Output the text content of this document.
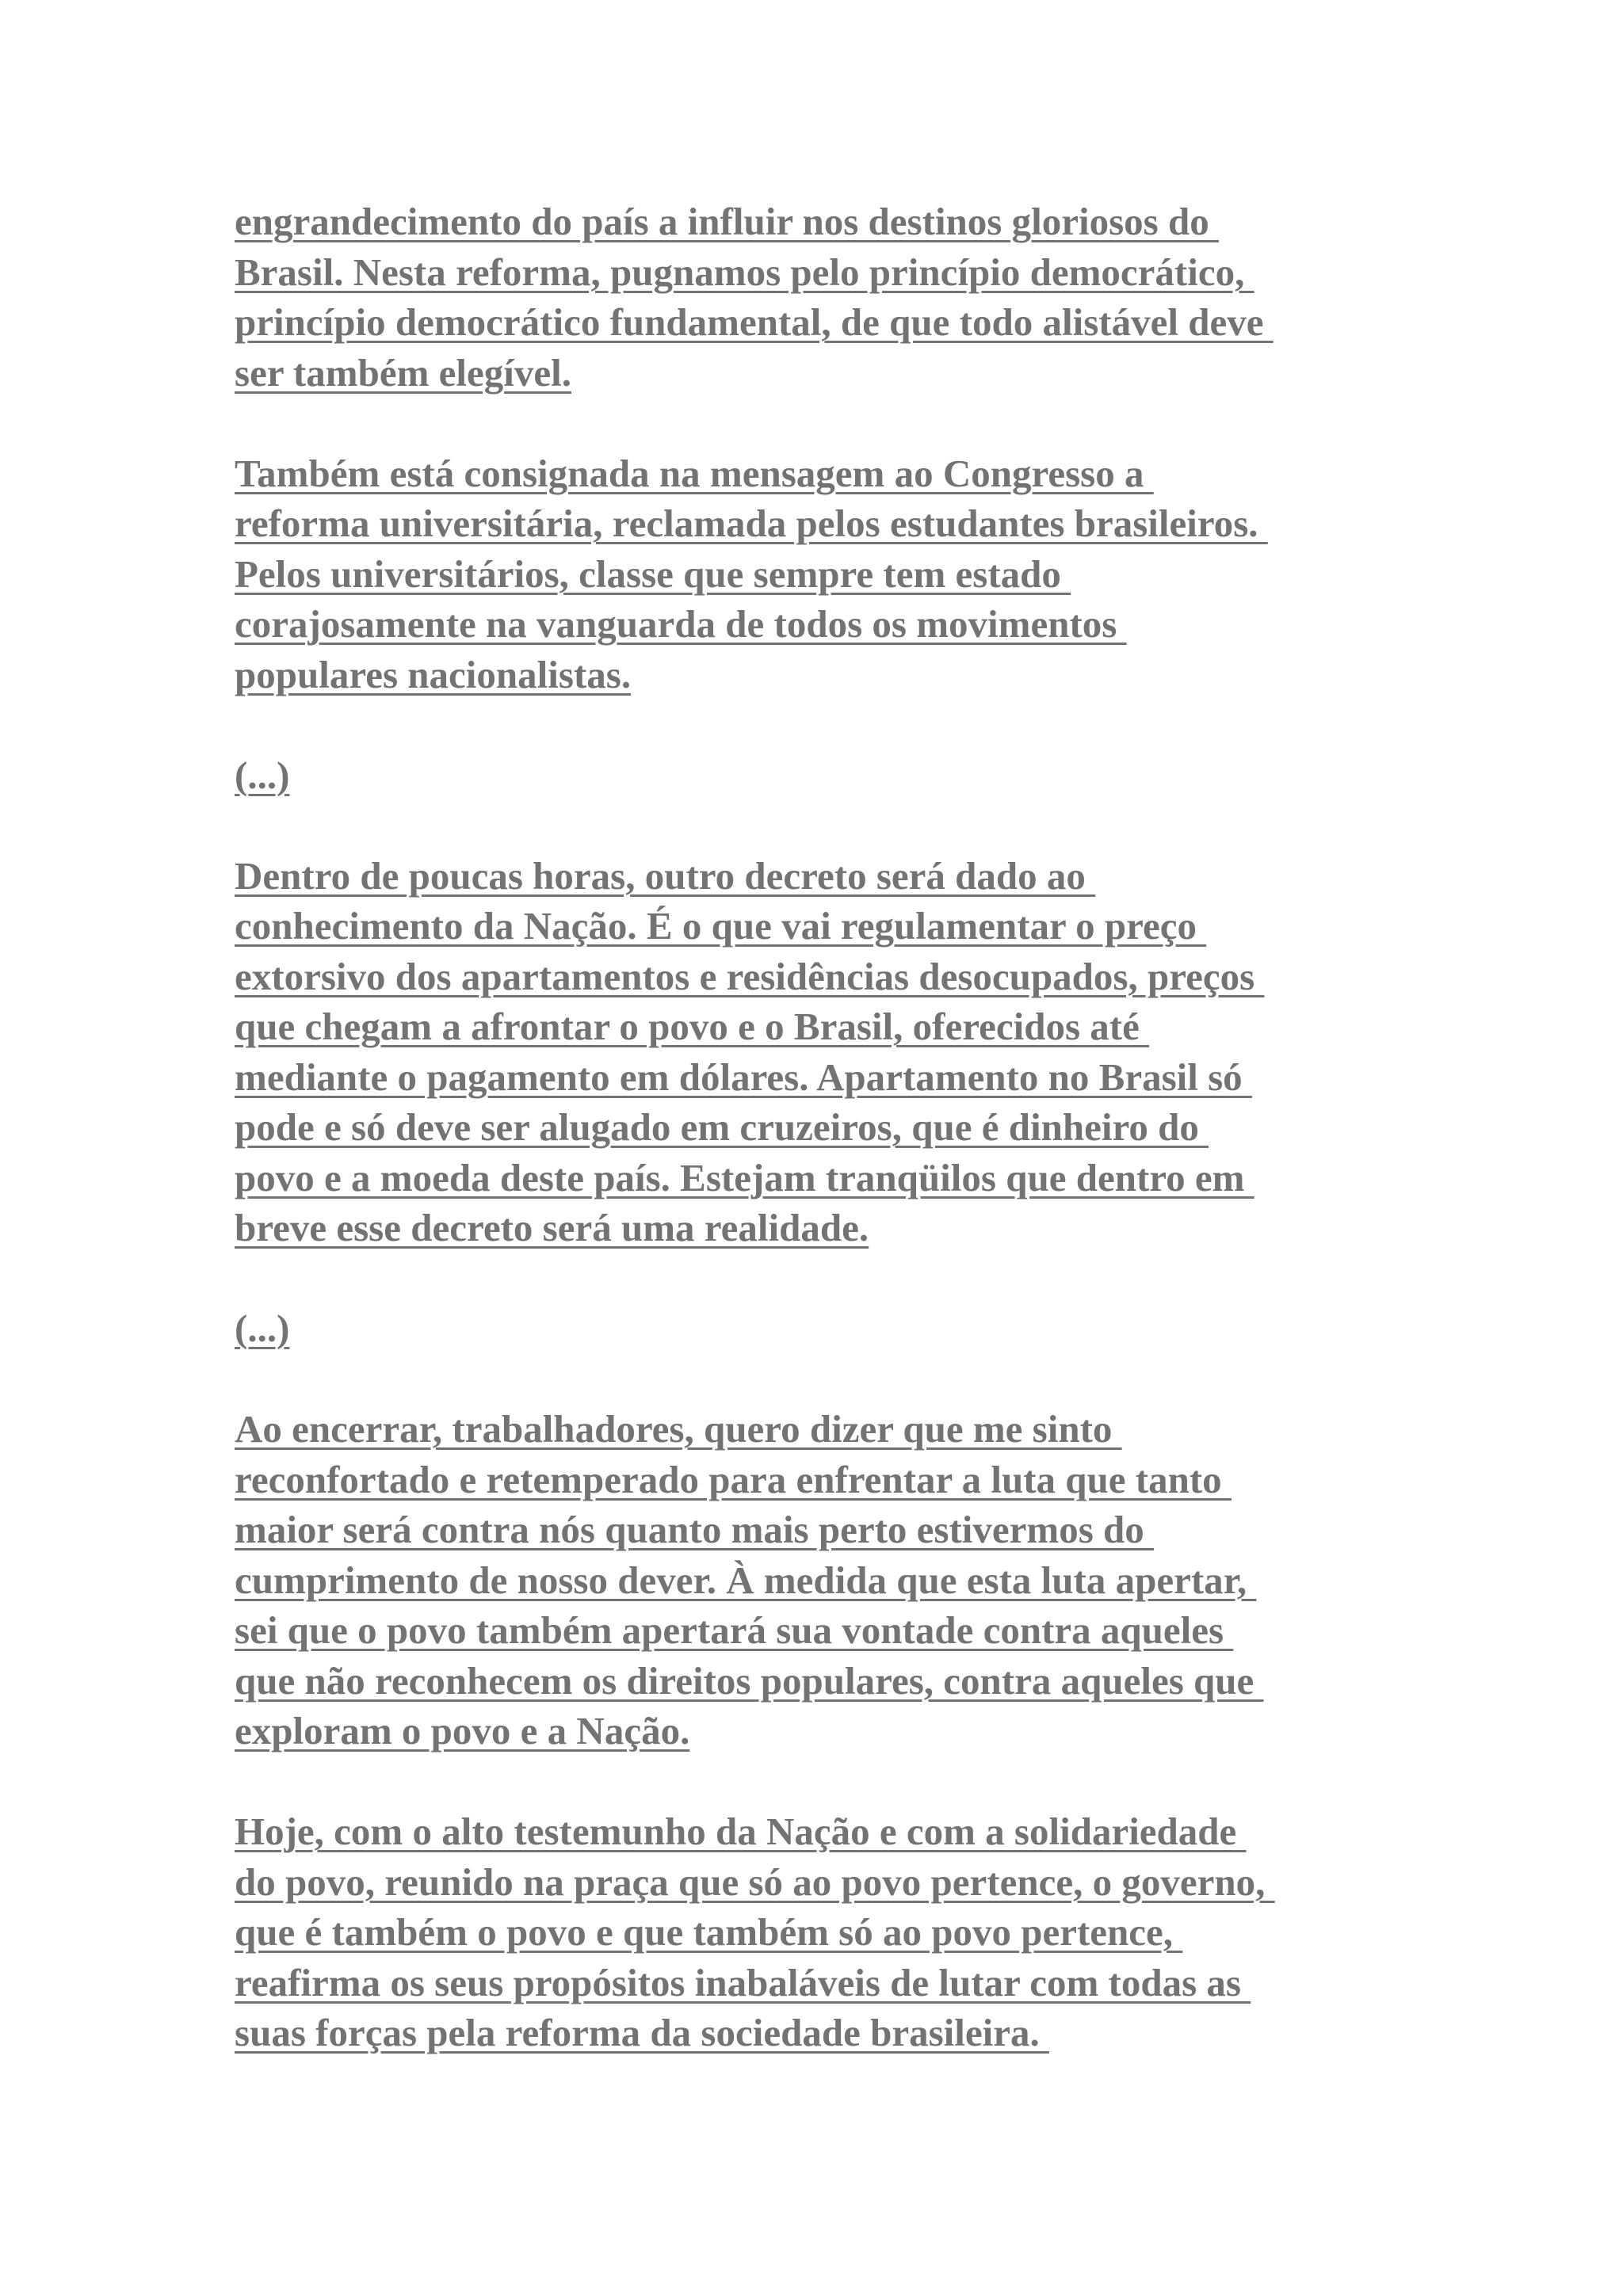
engrandecimento do país a influir nos destinos gloriosos do
Brasil. Nesta reforma, pugnamos pelo princípio democrático,
princípio democrático fundamental, de que todo alistável deve
ser também elegível.

Também está consignada na mensagem ao Congresso a
reforma universitária, reclamada pelos estudantes brasileiros.
Pelos universitários, classe que sempre tem estado
corajosamente na vanguarda de todos os movimentos
populares nacionalistas.

(...)

Dentro de poucas horas, outro decreto será dado ao
conhecimento da Nação. É o que vai regulamentar o preço
extorsivo dos apartamentos e residências desocupados, preços
que chegam a afrontar o povo e o Brasil, oferecidos até
mediante o pagamento em dólares. Apartamento no Brasil só
pode e só deve ser alugado em cruzeiros, que é dinheiro do
povo e a moeda deste país. Estejam tranqüilos que dentro em
breve esse decreto será uma realidade.

(...)

Ao encerrar, trabalhadores, quero dizer que me sinto
reconfortado e retemperado para enfrentar a luta que tanto
maior será contra nós quanto mais perto estivermos do
cumprimento de nosso dever. À medida que esta luta apertar,
sei que o povo também apertará sua vontade contra aqueles
que não reconhecem os direitos populares, contra aqueles que
exploram o povo e a Nação.

Hoje, com o alto testemunho da Nação e com a solidariedade
do povo, reunido na praça que só ao povo pertence, o governo,
que é também o povo e que também só ao povo pertence,
reafirma os seus propósitos inabaláveis de lutar com todas as
suas forças pela reforma da sociedade brasileira.
